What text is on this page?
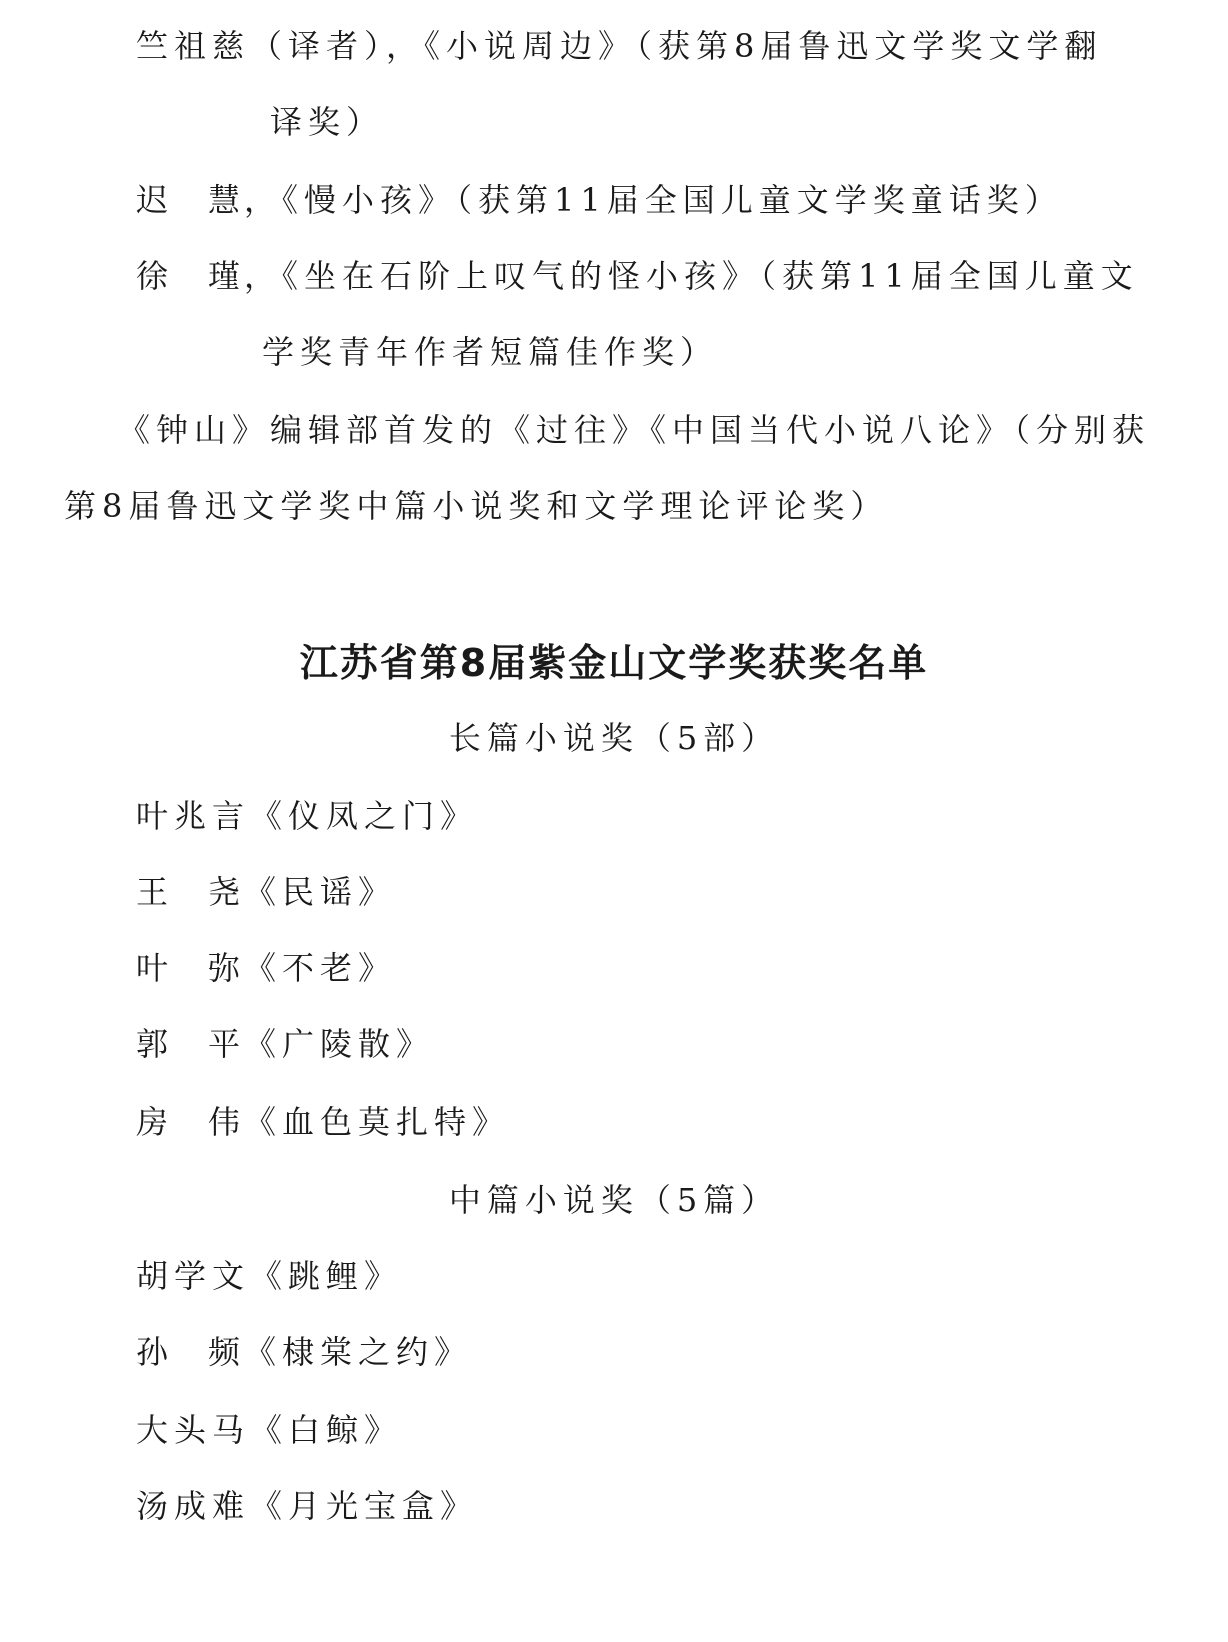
竺祖慈（译者），《小说周边》（获第8届鲁迅文学奖文学翻
译奖）
迟慧，《慢小孩》（获第11届全国儿童文学奖童话奖）
徐瑾，《坐在石阶上叹气的怪小孩》（获第11届全国儿童文
学奖青年作者短篇佳作奖）
《钟山》编辑部首发的《过往》《中国当代小说八论》（分别获
第8届鲁迅文学奖中篇小说奖和文学理论评论奖）
江苏省第8届紫金山文学奖获奖名单
长篇小说奖（5部）
叶兆言《仪凤之门》
王尧《民谣》
叶弥《不老》
郭平《广陵散》
房伟《血色莫扎特》
中篇小说奖（5篇）
胡学文《跳鲤》
孙频《棣棠之约》
大头马《白鲸》
汤成难《月光宝盒》
